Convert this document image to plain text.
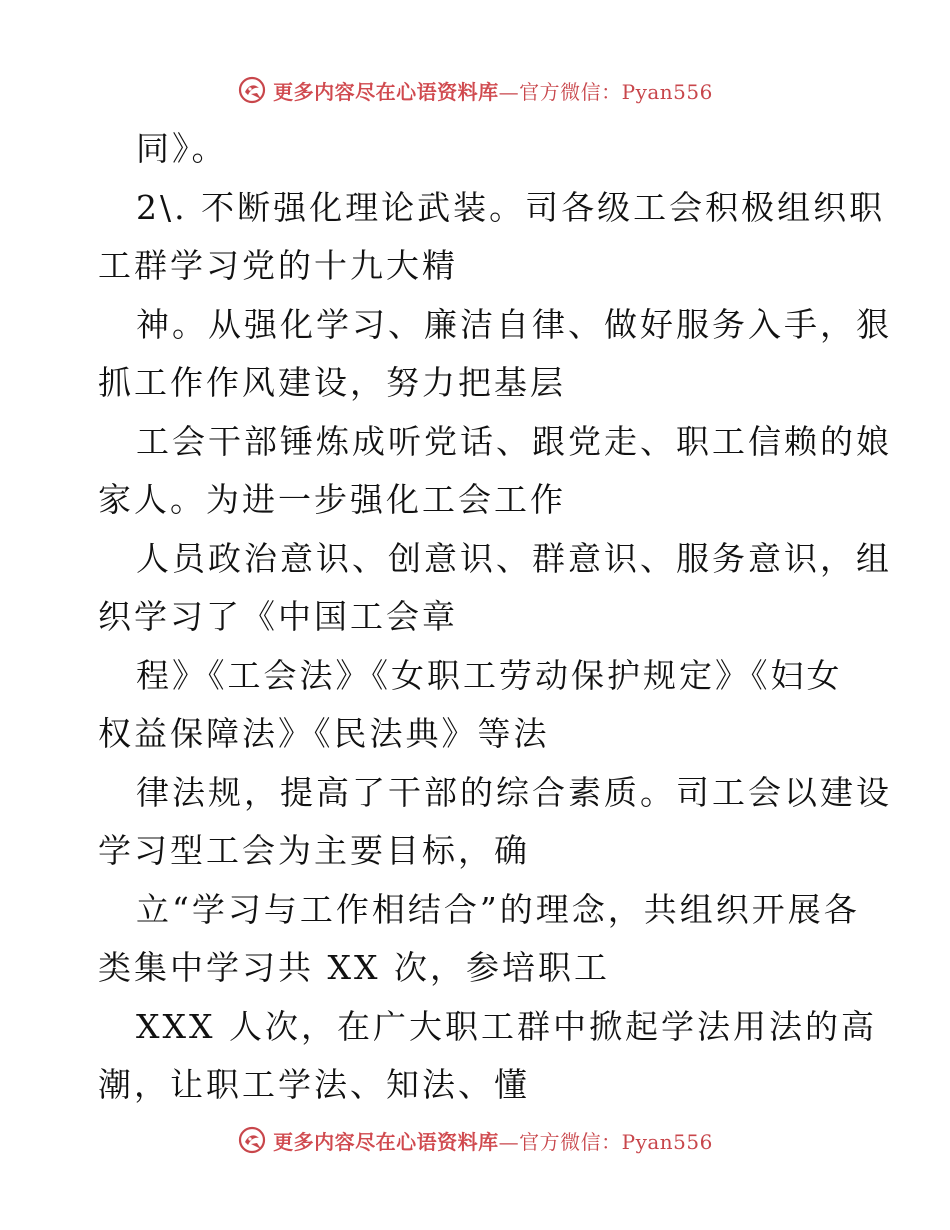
更多内容尽在心语资料库—官方微信：Pyan556
同》。
2\. 不断强化理论武装。司各级工会积极组织职
工群学习党的十九大精
神。从强化学习、廉洁自律、做好服务入手，狠
抓工作作风建设，努力把基层
工会干部锤炼成听党话、跟党走、职工信赖的娘
家人。为进一步强化工会工作
人员政治意识、创意识、群意识、服务意识，组
织学习了《中国工会章
程》《工会法》《女职工劳动保护规定》《妇女
权益保障法》《民法典》等法
律法规，提高了干部的综合素质。司工会以建设
学习型工会为主要目标，确
立“学习与工作相结合”的理念，共组织开展各
类集中学习共 XX 次，参培职工
XXX 人次，在广大职工群中掀起学法用法的高
潮，让职工学法、知法、懂
更多内容尽在心语资料库—官方微信：Pyan556
